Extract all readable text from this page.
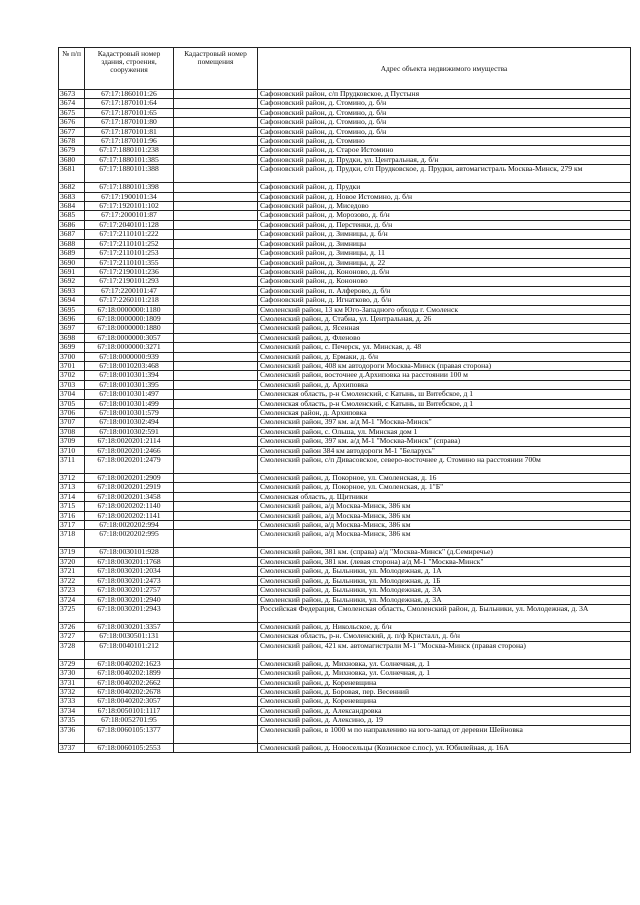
№ п/п	Кадастровый номер здания, строения, сооружения	Кадастровый номер помещения	Адрес объекта недвижимого имущества
3673	67:17:1860101:26		Сафоновский район, с/п Прудковское, д Пустыня
3674	67:17:1870101:64		Сафоновский район, д. Стомино, д. б/н
3675	67:17:1870101:65		Сафоновский район, д. Стомино, д. б/н
3676	67:17:1870101:80		Сафоновский район, д. Стомино, д. б/н
3677	67:17:1870101:81		Сафоновский район, д. Стомино, д. б/н
3678	67:17:1870101:96		Сафоновский район, д. Стомино
3679	67:17:1880101:238		Сафоновский район, д. Старое Истомино
3680	67:17:1880101:385		Сафоновский район, д. Прудки, ул. Центральная, д. б/н
3681	67:17:1880101:388		Сафоновский район, д. Прудки, с/п Прудковское, д. Прудки, автомагистраль Москва-Минск, 279 км
3682	67:17:1880101:398		Сафоновский район, д. Прудки
3683	67:17:1900101:34		Сафоновский район, д. Новое Истомино, д. б/н
3684	67:17:1920101:102		Сафоновский район, д. Миседово
3685	67:17:2000101:87		Сафоновский район, д. Морозово, д. б/н
3686	67:17:2040101:128		Сафоновский район, д. Перстенки, д. б/н
3687	67:17:2110101:222		Сафоновский район, д. Зимницы, д. б/н
3688	67:17:2110101:252		Сафоновский район, д. Зимницы
3689	67:17:2110101:253		Сафоновский район, д. Зимницы, д. 11
3690	67:17:2110101:355		Сафоновский район, д. Зимницы, д. 22
3691	67:17:2190101:236		Сафоновский район, д. Кононово, д. б/н
3692	67:17:2190101:293		Сафоновский район, д. Кононово
3693	67:17:2200101:47		Сафоновский район, п. Алферово, д. б/н
3694	67:17:2260101:218		Сафоновский район, д. Игнатково, д. б/н
3695	67:18:0000000:1180		Смоленский район, 13 км Юго-Западного обхода г. Смоленск
3696	67:18:0000000:1809		Смоленский район, д. Стабна, ул. Центральная, д. 26
3697	67:18:0000000:1880		Смоленский район, д. Ясенная
3698	67:18:0000000:3057		Смоленский район, д. Фленово
3699	67:18:0000000:3271		Смоленский район, с. Печерск, ул. Минская, д. 48
3700	67:18:0000000:939		Смоленский район, д. Ермаки, д. б/н
3701	67:18:0010203:468		Смоленский район, 408 км автодороги Москва-Минск (правая сторона)
3702	67:18:0010301:394		Смоленский район, восточнее д.Архиповка на расстоянии 100 м
3703	67:18:0010301:395		Смоленский район, д. Архиповка
3704	67:18:0010301:497		Смоленская область, р-н Смоленский, с Катынь, ш Витебское, д 1
3705	67:18:0010301:499		Смоленская область, р-н Смоленский, с Катынь, ш Витебское, д 1
3706	67:18:0010301:579		Смоленская район, д. Архиповка
3707	67:18:0010302:494		Смоленский район, 397 км. а/д М-1 "Москва-Минск"
3708	67:18:0010302:591		Смоленский район, с. Ольша, ул. Минская дом 1
3709	67:18:0020201:2114		Смоленский район, 397 км. а/д М-1 "Москва-Минск" (справа)
3710	67:18:0020201:2466		Смоленский район 384 км автодороги М-1 "Беларусь"
3711	67:18:0020201:2479		Смоленский район, с/п Дивасовское, северо-восточнее д. Стомино на расстоянии 700м
3712	67:18:0020201:2909		Смоленский район, д. Покорное, ул. Смоленская, д. 16
3713	67:18:0020201:2919		Смоленский район, д. Покорное, ул. Смоленская, д. 1"Б"
3714	67:18:0020201:3458		Смоленская область, д. Щитники
3715	67:18:0020202:1140		Смоленский район, а/д Москва-Минск, 386 км
3716	67:18:0020202:1141		Смоленский район, а/д Москва-Минск, 386 км
3717	67:18:0020202:994		Смоленский район, а/д Москва-Минск, 386 км
3718	67:18:0020202:995		Смоленский район, а/д Москва-Минск, 386 км
3719	67:18:0030101:928		Смоленский район, 381 км. (справа) а/д "Москва-Минск" (д.Семиречье)
3720	67:18:0030201:1768		Смоленский район, 381 км. (левая сторона) а/д М-1 "Москва-Минск"
3721	67:18:0030201:2034		Смоленский район, д. Быльники, ул. Молодежная, д. 1А
3722	67:18:0030201:2473		Смоленский район, д. Быльники, ул. Молодежная, д. 1Б
3723	67:18:0030201:2757		Смоленский район, д. Быльники, ул. Молодежная, д. 3А
3724	67:18:0030201:2940		Смоленский район, д. Быльники, ул. Молодежная, д. 3А
3725	67:18:0030201:2943		Российская Федерация, Смоленская область, Смоленский район, д. Быльники, ул. Молодежная, д. 3А
3726	67:18:0030201:3357		Смоленский район, д. Никольское, д. б/н
3727	67:18:0030501:131		Смоленская область, р-н. Смоленский, д. п/ф Кристалл, д. б/н
3728	67:18:0040101:212		Смоленский район, 421 км. автомагистрали М-1 "Москва-Минск (правая сторона)
3729	67:18:0040202:1623		Смоленский район, д. Михновка, ул. Солнечная, д. 1
3730	67:18:0040202:1899		Смоленский район, д. Михновка, ул. Солнечная, д. 1
3731	67:18:0040202:2662		Смоленский район, д. Кореневщина
3732	67:18:0040202:2678		Смоленский район, д. Боровая, пер. Весенний
3733	67:18:0040202:3057		Смоленский район, д. Кореневщина
3734	67:18:0050101:1117		Смоленский район, д. Александровка
3735	67:18:0052701:95		Смоленский район, д. Алексино, д. 19
3736	67:18:0060105:1377		Смоленский район, в 1000 м по направлению на юго-запад от деревни Шейновка
3737	67:18:0060105:2553		Смоленский район, д. Новосельцы (Козинское с.пос), ул. Юбилейная, д. 16А
